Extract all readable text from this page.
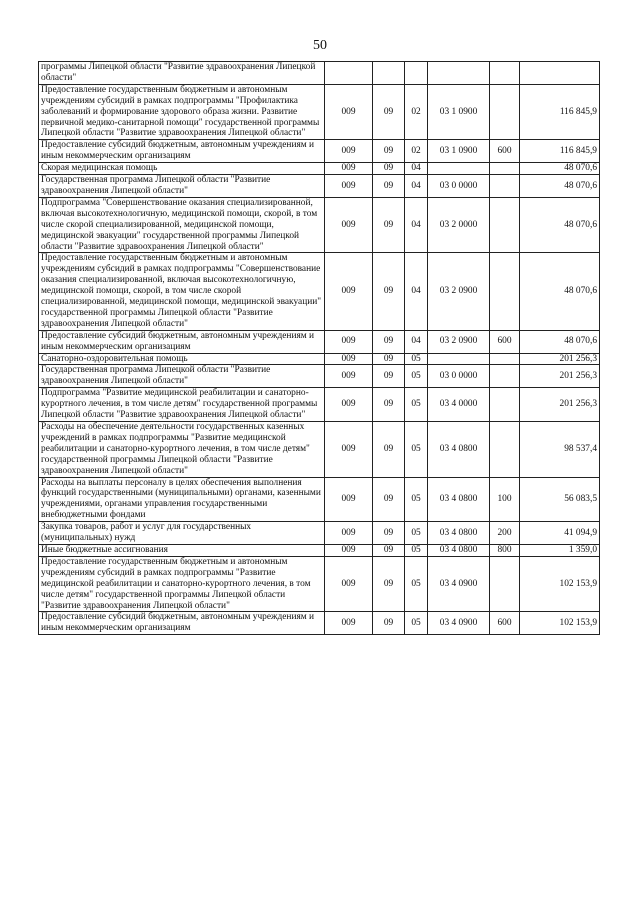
50
программы Липецкой области "Развитие здравоохранения Липецкой области"						
Предоставление государственным бюджетным и автономным учреждениям субсидий в рамках подпрограммы "Профилактика заболеваний и формирование здорового образа жизни. Развитие первичной медико-санитарной помощи" государственной программы Липецкой области "Развитие здравоохранения Липецкой области"	009	09	02	03 1 0900		116 845,9
Предоставление субсидий бюджетным, автономным учреждениям и иным некоммерческим организациям	009	09	02	03 1 0900	600	116 845,9
Скорая медицинская помощь	009	09	04			48 070,6
Государственная программа Липецкой области "Развитие здравоохранения Липецкой области"	009	09	04	03 0 0000		48 070,6
Подпрограмма "Совершенствование оказания специализированной, включая высокотехнологичную, медицинской помощи, скорой, в том числе скорой специализированной, медицинской помощи, медицинской эвакуации" государственной программы Липецкой области "Развитие здравоохранения Липецкой области"	009	09	04	03 2 0000		48 070,6
Предоставление государственным бюджетным и автономным учреждениям субсидий в рамках подпрограммы "Совершенствование оказания специализированной, включая высокотехнологичную, медицинской помощи, скорой, в том числе скорой специализированной, медицинской помощи, медицинской эвакуации" государственной программы Липецкой области "Развитие здравоохранения Липецкой области"	009	09	04	03 2 0900		48 070,6
Предоставление субсидий бюджетным, автономным учреждениям и иным некоммерческим организациям	009	09	04	03 2 0900	600	48 070,6
Санаторно-оздоровительная помощь	009	09	05			201 256,3
Государственная программа Липецкой области "Развитие здравоохранения Липецкой области"	009	09	05	03 0 0000		201 256,3
Подпрограмма "Развитие медицинской реабилитации и санаторно-курортного лечения, в том числе детям" государственной программы Липецкой области "Развитие здравоохранения Липецкой области"	009	09	05	03 4 0000		201 256,3
Расходы на обеспечение деятельности государственных казенных учреждений в рамках подпрограммы "Развитие медицинской реабилитации и санаторно-курортного лечения, в том числе детям" государственной программы Липецкой области "Развитие здравоохранения Липецкой области"	009	09	05	03 4 0800		98 537,4
Расходы на выплаты персоналу в целях обеспечения выполнения функций государственными (муниципальными) органами, казенными учреждениями, органами управления государственными внебюджетными фондами	009	09	05	03 4 0800	100	56 083,5
Закупка товаров, работ и услуг для государственных (муниципальных) нужд	009	09	05	03 4 0800	200	41 094,9
Иные бюджетные ассигнования	009	09	05	03 4 0800	800	1 359,0
Предоставление государственным бюджетным и автономным учреждениям субсидий в рамках подпрограммы "Развитие медицинской реабилитации и санаторно-курортного лечения, в том числе детям" государственной программы Липецкой области "Развитие здравоохранения Липецкой области"	009	09	05	03 4 0900		102 153,9
Предоставление субсидий бюджетным, автономным учреждениям и иным некоммерческим организациям	009	09	05	03 4 0900	600	102 153,9
